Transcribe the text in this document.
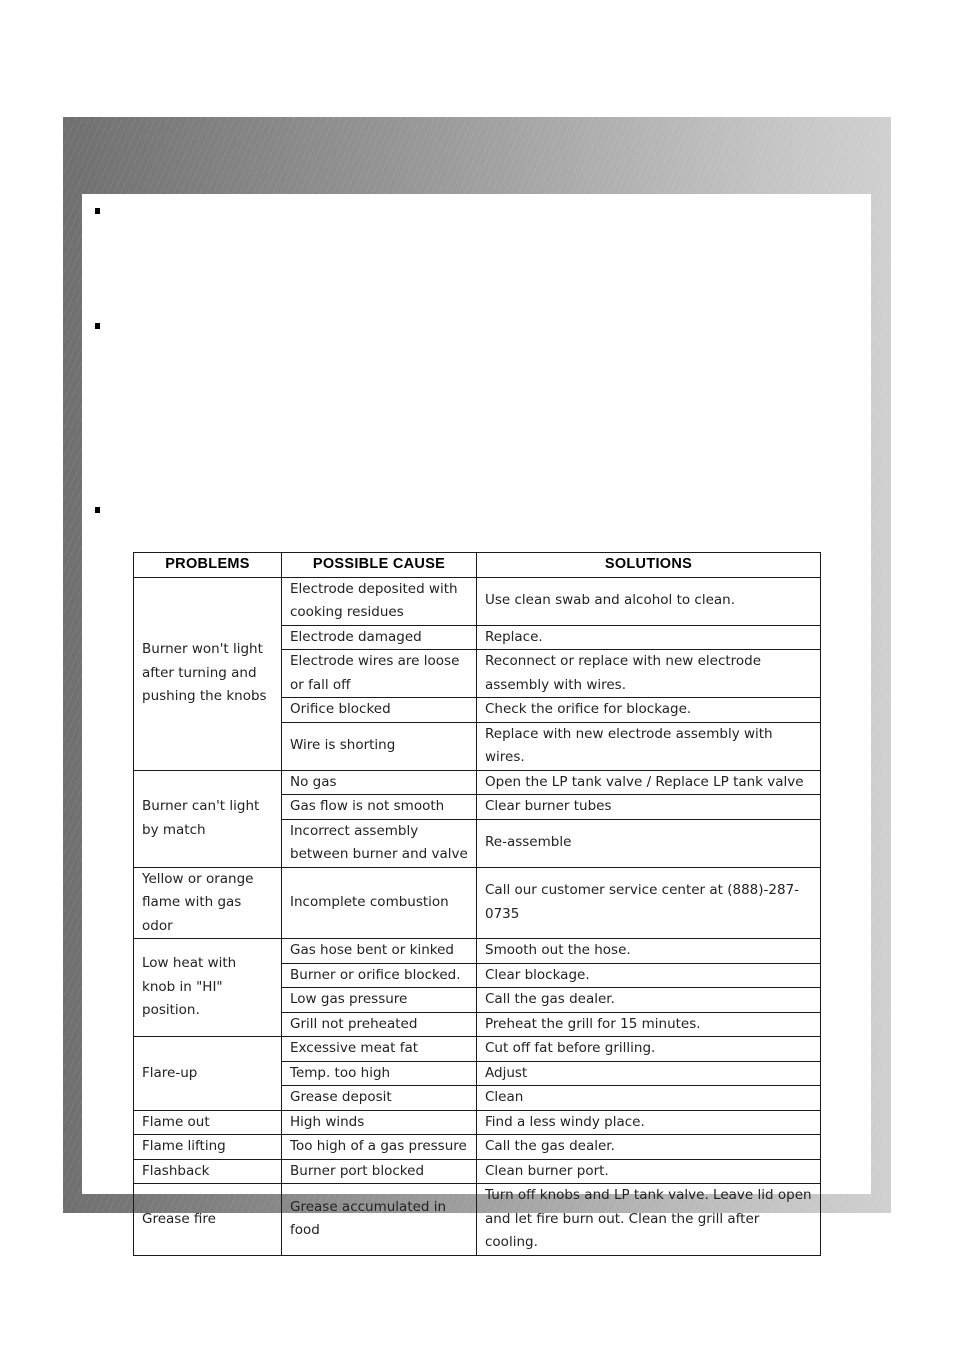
PROBLEMS	POSSIBLE CAUSE	SOLUTIONS
Burner won't light after turning and pushing the knobs	Electrode deposited with cooking residues	Use clean swab and alcohol to clean.
	Electrode damaged	Replace.
	Electrode wires are loose or fall off	Reconnect or replace with new electrode assembly with wires.
	Orifice blocked	Check the orifice for blockage.
	Wire is shorting	Replace with new electrode assembly with wires.
Burner can't light by match	No gas	Open the LP tank valve / Replace LP tank valve
	Gas flow is not smooth	Clear burner tubes
	Incorrect assembly between burner and valve	Re-assemble
Yellow or orange flame with gas odor	Incomplete combustion	Call our customer service center at (888)-287-0735
Low heat with knob in "HI" position.	Gas hose bent or kinked	Smooth out the hose.
	Burner or orifice blocked.	Clear blockage.
	Low gas pressure	Call the gas dealer.
	Grill not preheated	Preheat the grill for 15 minutes.
Flare-up	Excessive meat fat	Cut off fat before grilling.
	Temp. too high	Adjust
	Grease deposit	Clean
Flame out	High winds	Find a less windy place.
Flame lifting	Too high of a gas pressure	Call the gas dealer.
Flashback	Burner port blocked	Clean burner port.
Grease fire	Grease accumulated in food	Turn off knobs and LP tank valve. Leave lid open and let fire burn out. Clean the grill after cooling.
